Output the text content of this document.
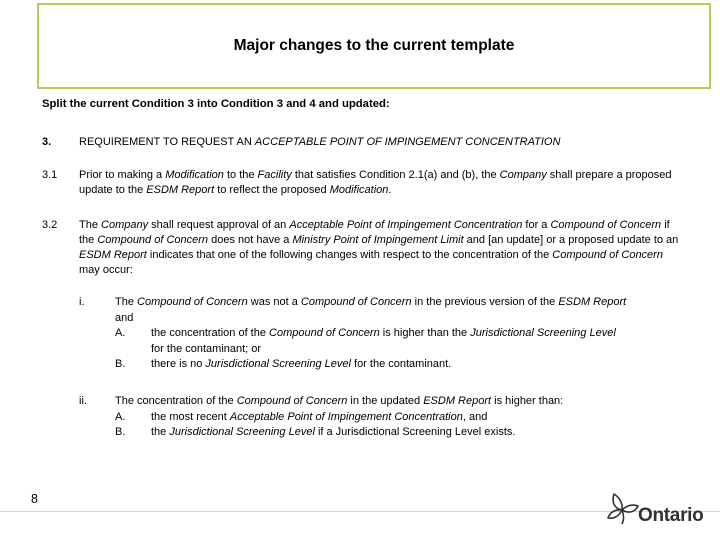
Major changes to the current template
Split the current Condition 3 into Condition 3 and 4 and updated:
3.	REQUIREMENT TO REQUEST AN ACCEPTABLE POINT OF IMPINGEMENT CONCENTRATION
3.1 Prior to making a Modification to the Facility that satisfies Condition 2.1(a) and (b), the Company shall prepare a proposed update to the ESDM Report to reflect the proposed Modification.
3.2 The Company shall request approval of an Acceptable Point of Impingement Concentration for a Compound of Concern if the Compound of Concern does not have a Ministry Point of Impingement Limit and [an update] or a proposed update to an ESDM Report indicates that one of the following changes with respect to the concentration of the Compound of Concern may occur:
i.	The Compound of Concern was not a Compound of Concern in the previous version of the ESDM Report
and
A. the concentration of the Compound of Concern is higher than the Jurisdictional Screening Level
for the contaminant; or
B. there is no Jurisdictional Screening Level for the contaminant.
ii.	The concentration of the Compound of Concern in the updated ESDM Report is higher than:
A. the most recent Acceptable Point of Impingement Concentration, and
B. the Jurisdictional Screening Level if a Jurisdictional Screening Level exists.
8
Ontario
